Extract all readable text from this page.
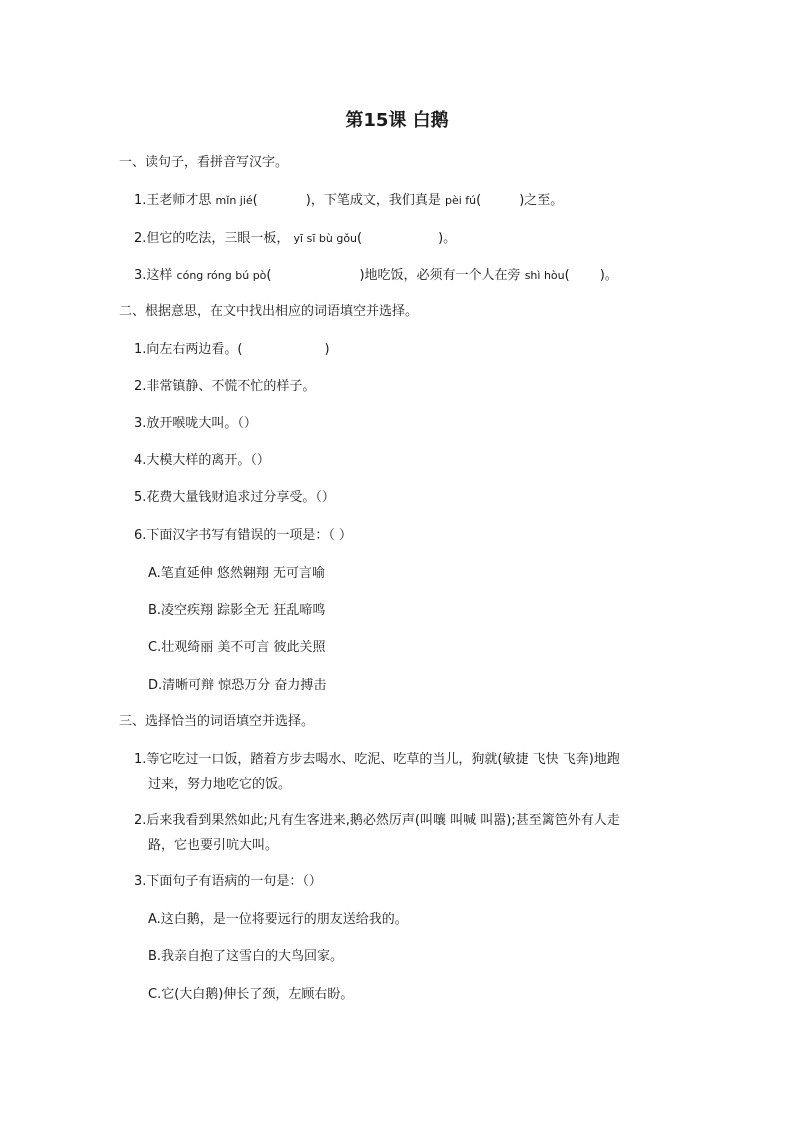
第15课 白鹅
一、读句子，看拼音写汉字。
1.王老师才思 mǐn jié(	)，下笔成文，我们真是 pèi fú(	)之至。
2.但它的吃法，三眼一板， yī sī bù gǒu(	)。
3.这样 cóng róng bú pò(	)地吃饭，必须有一个人在旁 shì hòu( )。
二、根据意思，在文中找出相应的词语填空并选择。
1.向左右两边看。(	)
2.非常镇静、不慌不忙的样子。
3.放开喉咙大叫。（）
4.大模大样的离开。（）
5.花费大量钱财追求过分享受。（）
6.下面汉字书写有错误的一项是：（ ）
A.笔直延伸 悠然翱翔 无可言喻
B.凌空疾翔 踪影全无 狂乱啼鸣
C.壮观绮丽 美不可言 彼此关照
D.清晰可辩 惊恐万分 奋力搏击
三、选择恰当的词语填空并选择。
1.等它吃过一口饭，踏着方步去喝水、吃泥、吃草的当儿，狗就(敏捷 飞快 飞奔)地跑
过来，努力地吃它的饭。
2.后来我看到果然如此;凡有生客进来,鹅必然厉声(叫嚷 叫喊 叫嚣);甚至篱笆外有人走
路，它也要引吭大叫。
3.下面句子有语病的一句是：（）
A.这白鹅，是一位将要远行的朋友送给我的。
B.我亲自抱了这雪白的大鸟回家。
C.它(大白鹅)伸长了颈，左顾右盼。
